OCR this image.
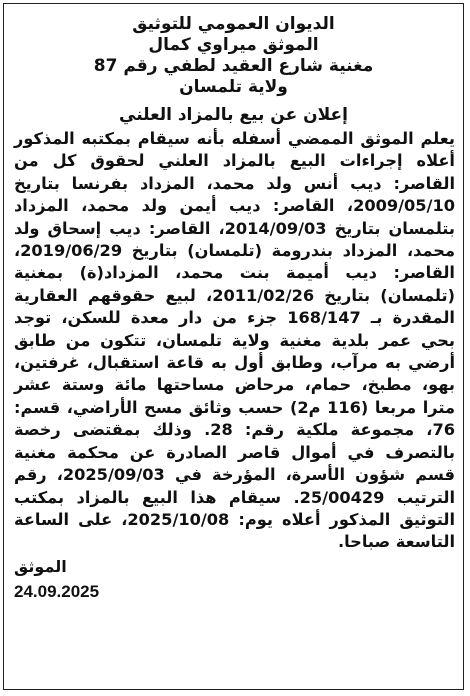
الديوان العمومي للتوثيق

الموثق ميراوي كمال

مغنية شارع العقيد لطفي رقم 87

ولاية تلمسان

إعلان عن بيع بالمزاد العلني
يعلم الموثق الممضي أسفله بأنه سيقام بمكتبه المذكور أعلاه إجراءات البيع بالمزاد العلني لحقوق كل من القاصر: ديب أنس ولد محمد، المزداد بفرنسا بتاريخ 2009/05/10، القاصر: ديب أيمن ولد محمد، المزداد بتلمسان بتاريخ 2014/09/03، القاصر: ديب إسحاق ولد محمد، المزداد بندرومة (تلمسان) بتاريخ 2019/06/29، القاصر: ديب أميمة بنت محمد، المزداد(ة) بمغنية (تلمسان) بتاريخ 2011/02/26، لبيع حقوقهم العقارية المقدرة بـ 168/147 جزء من دار معدة للسكن، توجد بحي عمر بلدية مغنية ولاية تلمسان، تتكون من طابق أرضي به مرآب، وطابق أول به قاعة استقبال، غرفتين، بهو، مطبخ، حمام، مرحاض مساحتها مائة وستة عشر مترا مربعا (116 م2) حسب وثائق مسح الأراضي، قسم: 76، مجموعة ملكية رقم: 28. وذلك بمقتضى رخصة بالتصرف في أموال قاصر الصادرة عن محكمة مغنية قسم شؤون الأسرة، المؤرخة في 2025/09/03، رقم الترتيب 25/00429. سيقام هذا البيع بالمزاد بمكتب التوثيق المذكور أعلاه يوم: 2025/10/08، على الساعة التاسعة صباحا.
الموثق
24.09.2025
